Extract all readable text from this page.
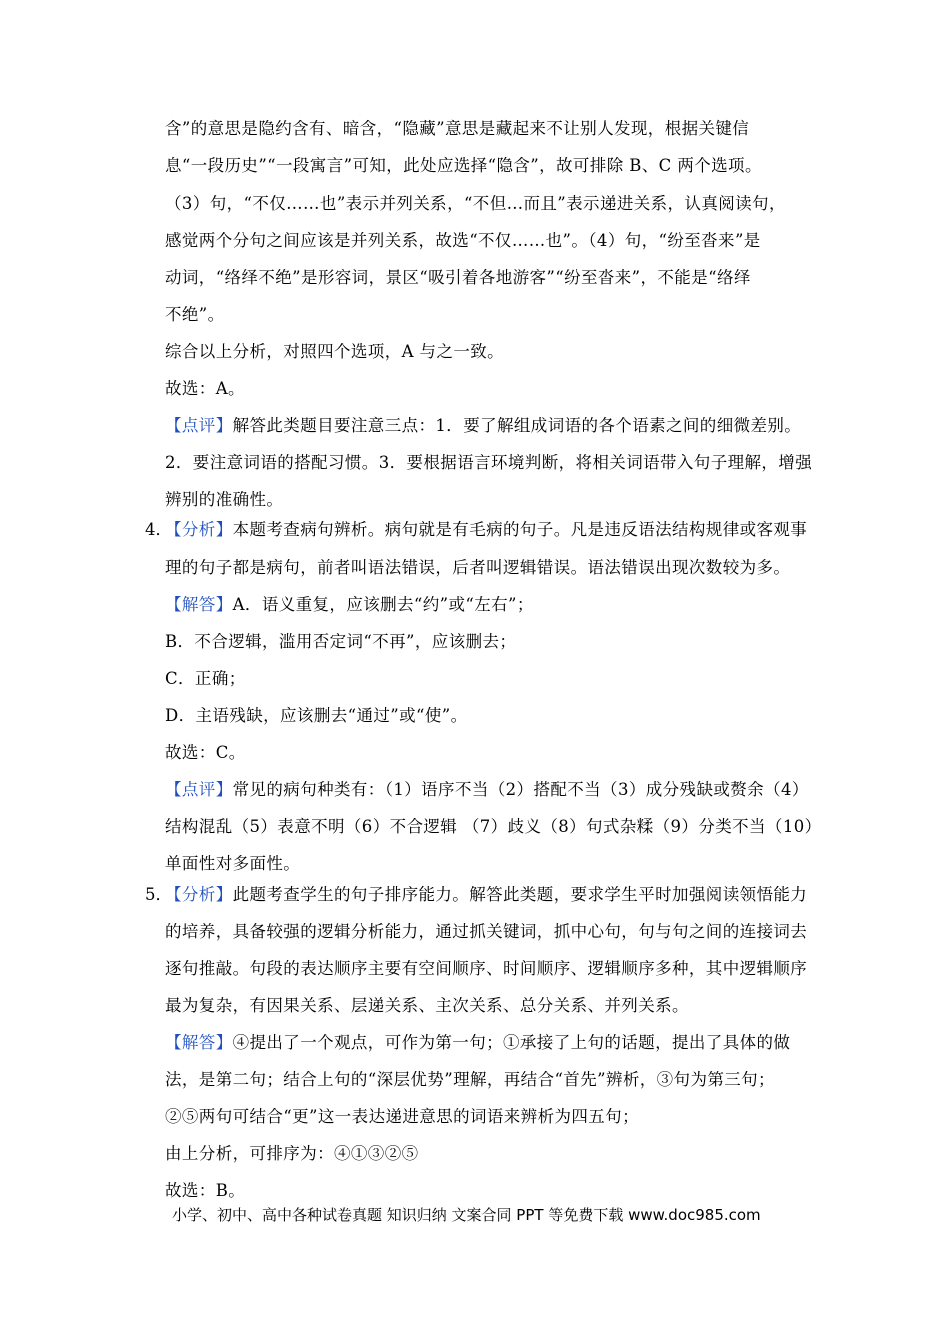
含”的意思是隐约含有、暗含，“隐藏”意思是藏起来不让别人发现，根据关键信
息“一段历史”“一段寓言”可知，此处应选择“隐含”，故可排除 B、C 两个选项。
（3）句，“不仅……也”表示并列关系，“不但…而且”表示递进关系，认真阅读句，
感觉两个分句之间应该是并列关系，故选“不仅……也”。（4）句，“纷至沓来”是
动词，“络绎不绝”是形容词，景区“吸引着各地游客”“纷至沓来”，不能是“络绎
不绝”。
综合以上分析，对照四个选项，A 与之一致。
故选：A。
【点评】解答此类题目要注意三点：1．要了解组成词语的各个语素之间的细微差别。
2．要注意词语的搭配习惯。3．要根据语言环境判断，将相关词语带入句子理解，增强
辨别的准确性。
4．
【分析】本题考查病句辨析。病句就是有毛病的句子。凡是违反语法结构规律或客观事
理的句子都是病句，前者叫语法错误，后者叫逻辑错误。语法错误出现次数较为多。
【解答】A．语义重复，应该删去“约”或“左右”；
B．不合逻辑，滥用否定词“不再”，应该删去；
C．正确；
D．主语残缺，应该删去“通过”或“使”。
故选：C。
【点评】常见的病句种类有：（1）语序不当（2）搭配不当（3）成分残缺或赘余（4）
结构混乱（5）表意不明（6）不合逻辑 （7）歧义（8）句式杂糅（9）分类不当（10）
单面性对多面性。
5．
【分析】此题考查学生的句子排序能力。解答此类题，要求学生平时加强阅读领悟能力
的培养，具备较强的逻辑分析能力，通过抓关键词，抓中心句，句与句之间的连接词去
逐句推敲。句段的表达顺序主要有空间顺序、时间顺序、逻辑顺序多种，其中逻辑顺序
最为复杂，有因果关系、层递关系、主次关系、总分关系、并列关系。
【解答】④提出了一个观点，可作为第一句；①承接了上句的话题，提出了具体的做
法，是第二句；结合上句的“深层优势”理解，再结合“首先”辨析，③句为第三句；
②⑤两句可结合“更”这一表达递进意思的词语来辨析为四五句；
由上分析，可排序为：④①③②⑤
故选：B。
小学、初中、高中各种试卷真题 知识归纳 文案合同 PPT 等免费下载 www.doc985.com
